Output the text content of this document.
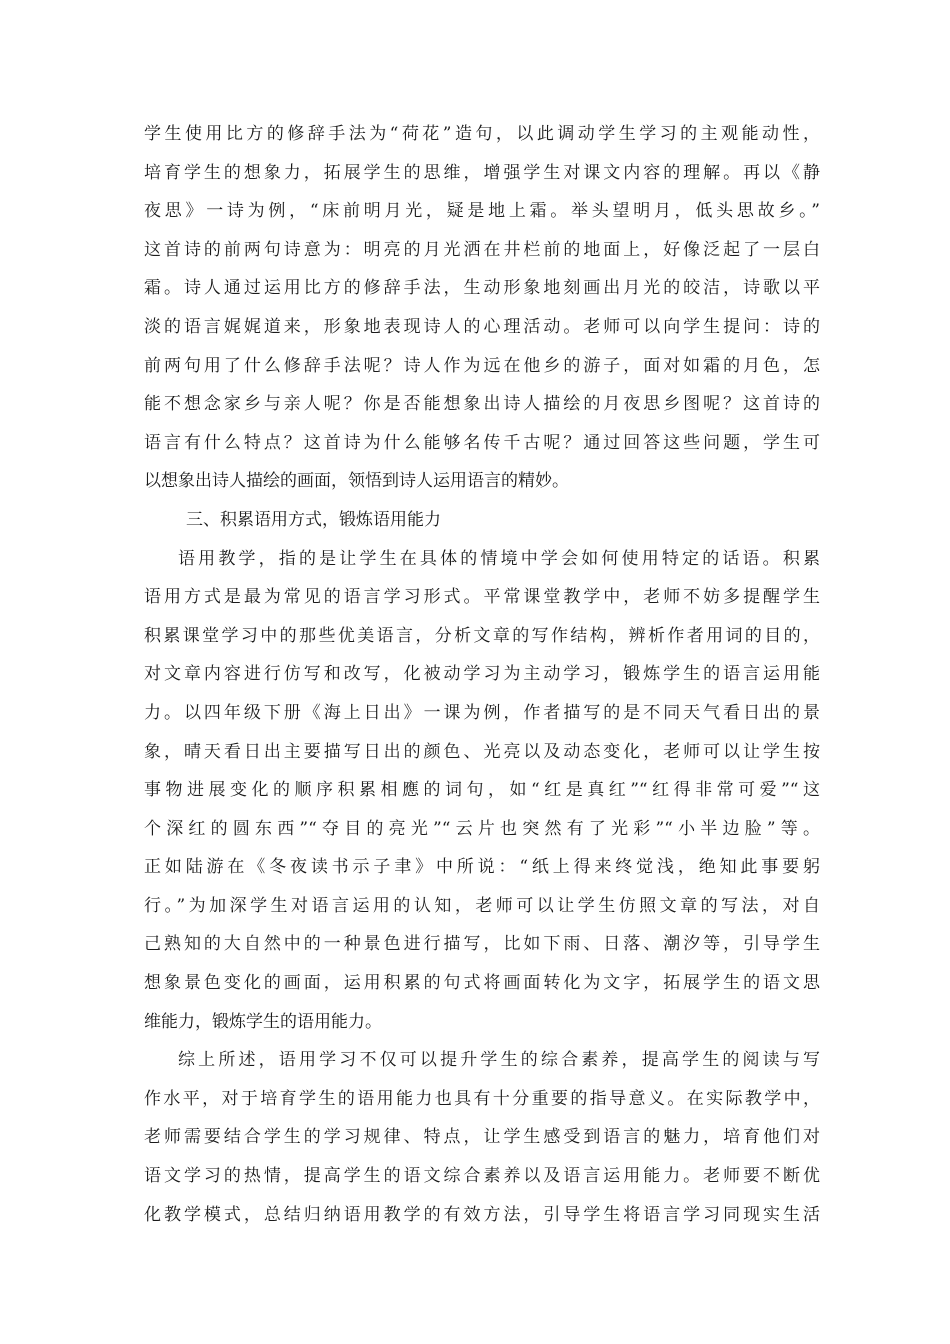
学生使用比方的修辞手法为“荷花”造句，以此调动学生学习的主观能动性，
培育学生的想象力，拓展学生的思维，增强学生对课文内容的理解。再以《静
夜思》一诗为例，“床前明月光，疑是地上霜。举头望明月，低头思故乡。”
这首诗的前两句诗意为：明亮的月光洒在井栏前的地面上，好像泛起了一层白
霜。诗人通过运用比方的修辞手法，生动形象地刻画出月光的皎洁，诗歌以平
淡的语言娓娓道来，形象地表现诗人的心理活动。老师可以向学生提问：诗的
前两句用了什么修辞手法呢？诗人作为远在他乡的游子，面对如霜的月色，怎
能不想念家乡与亲人呢？你是否能想象出诗人描绘的月夜思乡图呢？这首诗的
语言有什么特点？这首诗为什么能够名传千古呢？通过回答这些问题，学生可
以想象出诗人描绘的画面，领悟到诗人运用语言的精妙。
三、积累语用方式，锻炼语用能力
语用教学，指的是让学生在具体的情境中学会如何使用特定的话语。积累
语用方式是最为常见的语言学习形式。平常课堂教学中，老师不妨多提醒学生
积累课堂学习中的那些优美语言，分析文章的写作结构，辨析作者用词的目的，
对文章内容进行仿写和改写，化被动学习为主动学习，锻炼学生的语言运用能
力。以四年级下册《海上日出》一课为例，作者描写的是不同天气看日出的景
象，晴天看日出主要描写日出的颜色、光亮以及动态变化，老师可以让学生按
事物进展变化的顺序积累相應的词句，如“红是真红”“红得非常可爱”“这
个深红的圆东西”“夺目的亮光”“云片也突然有了光彩”“小半边脸”等。
正如陆游在《冬夜读书示子聿》中所说：“纸上得来终觉浅，绝知此事要躬
行。”为加深学生对语言运用的认知，老师可以让学生仿照文章的写法，对自
己熟知的大自然中的一种景色进行描写，比如下雨、日落、潮汐等，引导学生
想象景色变化的画面，运用积累的句式将画面转化为文字，拓展学生的语文思
维能力，锻炼学生的语用能力。
综上所述，语用学习不仅可以提升学生的综合素养，提高学生的阅读与写
作水平，对于培育学生的语用能力也具有十分重要的指导意义。在实际教学中，
老师需要结合学生的学习规律、特点，让学生感受到语言的魅力，培育他们对
语文学习的热情，提高学生的语文综合素养以及语言运用能力。老师要不断优
化教学模式，总结归纳语用教学的有效方法，引导学生将语言学习同现实生活
